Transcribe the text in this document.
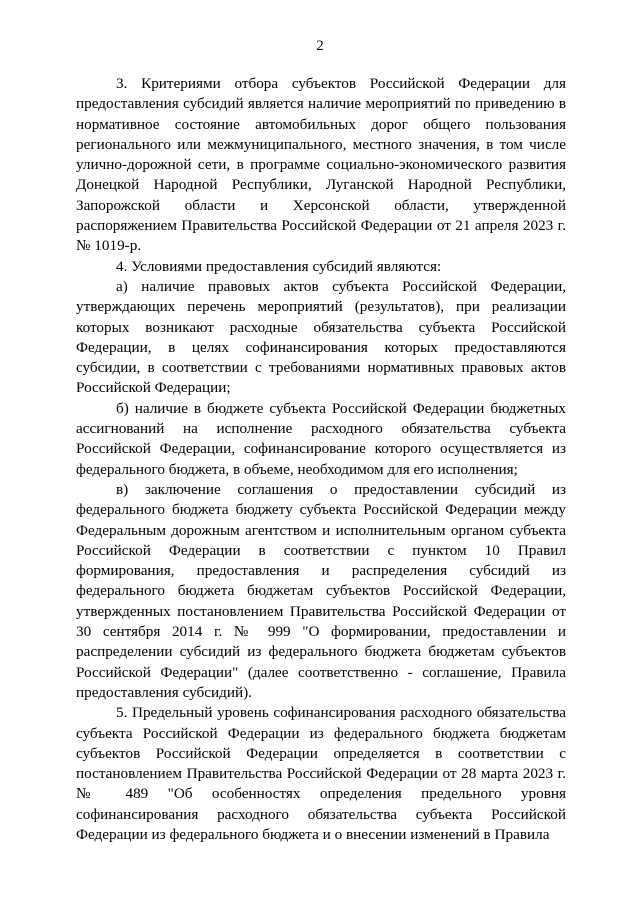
2

3. Критериями отбора субъектов Российской Федерации для предоставления субсидий является наличие мероприятий по приведению в нормативное состояние автомобильных дорог общего пользования регионального или межмуниципального, местного значения, в том числе улично-дорожной сети, в программе социально-экономического развития Донецкой Народной Республики, Луганской Народной Республики, Запорожской области и Херсонской области, утвержденной распоряжением Правительства Российской Федерации от 21 апреля 2023 г. № 1019-р.

4. Условиями предоставления субсидий являются:

а) наличие правовых актов субъекта Российской Федерации, утверждающих перечень мероприятий (результатов), при реализации которых возникают расходные обязательства субъекта Российской Федерации, в целях софинансирования которых предоставляются субсидии, в соответствии с требованиями нормативных правовых актов Российской Федерации;

б) наличие в бюджете субъекта Российской Федерации бюджетных ассигнований на исполнение расходного обязательства субъекта Российской Федерации, софинансирование которого осуществляется из федерального бюджета, в объеме, необходимом для его исполнения;

в) заключение соглашения о предоставлении субсидий из федерального бюджета бюджету субъекта Российской Федерации между Федеральным дорожным агентством и исполнительным органом субъекта Российской Федерации в соответствии с пунктом 10 Правил формирования, предоставления и распределения субсидий из федерального бюджета бюджетам субъектов Российской Федерации, утвержденных постановлением Правительства Российской Федерации от 30 сентября 2014 г. № 999 "О формировании, предоставлении и распределении субсидий из федерального бюджета бюджетам субъектов Российской Федерации" (далее соответственно - соглашение, Правила предоставления субсидий).

5. Предельный уровень софинансирования расходного обязательства субъекта Российской Федерации из федерального бюджета бюджетам субъектов Российской Федерации определяется в соответствии с постановлением Правительства Российской Федерации от 28 марта 2023 г. № 489 "Об особенностях определения предельного уровня софинансирования расходного обязательства субъекта Российской Федерации из федерального бюджета и о внесении изменений в Правила
